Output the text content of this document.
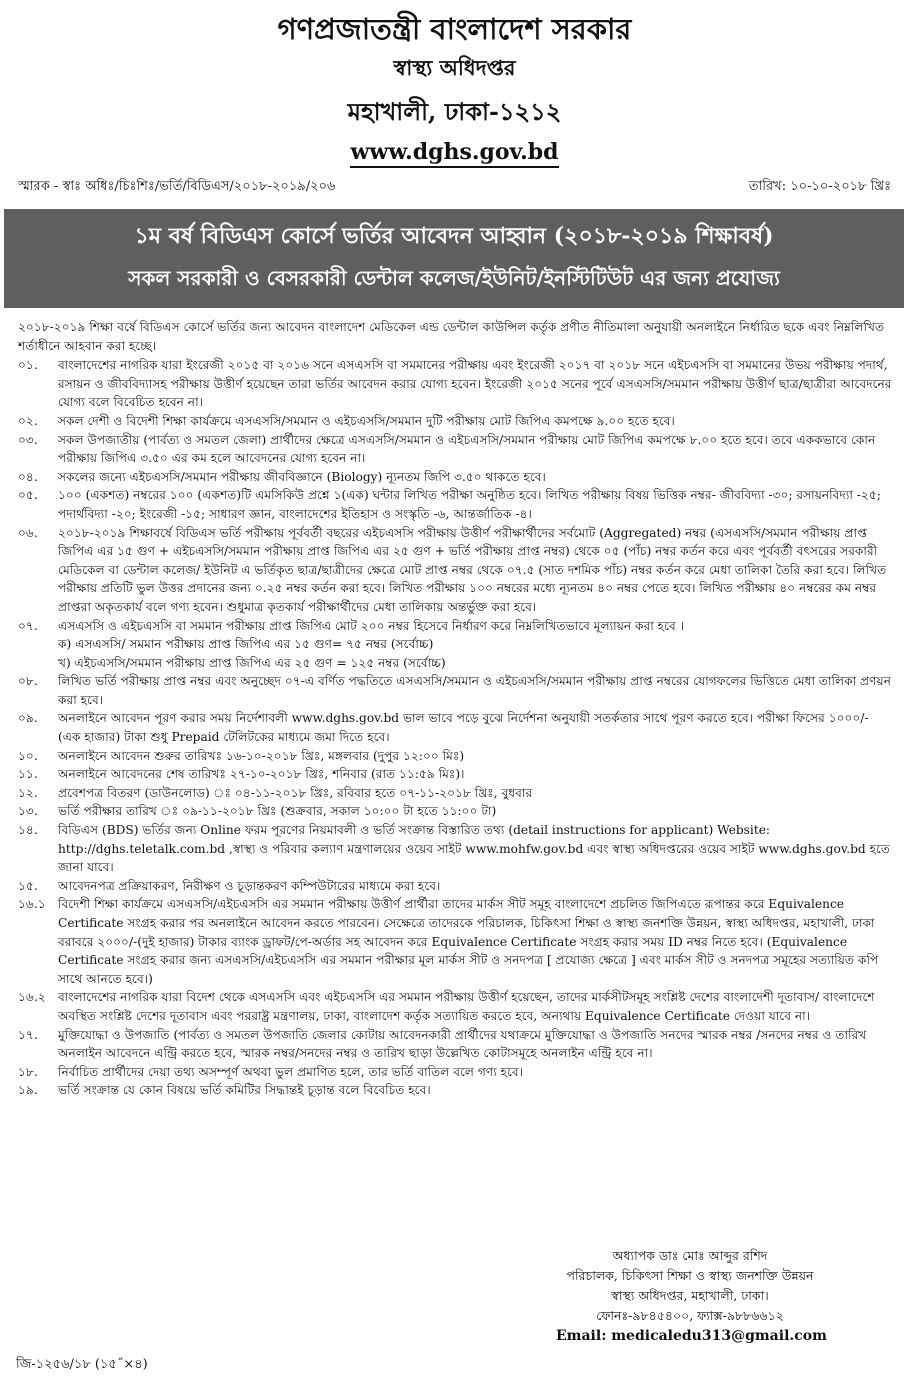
গণপ্রজাতন্ত্রী বাংলাদেশ সরকার
স্বাস্থ্য অধিদপ্তর
মহাখালী, ঢাকা-১২১২
www.dghs.gov.bd
স্মারক - স্বাঃ অধিঃ/চিঃশিঃ/ভর্তি/বিডিএস/২০১৮-২০১৯/২০৬	তারিখ: ১০-১০-২০১৮ খ্রিঃ
১ম বর্ষ বিডিএস কোর্সে ভর্তির আবেদন আহ্বান (২০১৮-২০১৯ শিক্ষাবর্ষ)
সকল সরকারী ও বেসরকারী ডেন্টাল কলেজ/ইউনিট/ইনস্টিটিউট এর জন্য প্রযোজ্য
২০১৮-২০১৯ শিক্ষা বর্ষে বিডিএস কোর্সে ভর্তির জন্য আবেদন বাংলাদেশ মেডিকেল এন্ড ডেন্টাল কাউন্সিল কর্তৃক প্রণীত নীতিমালা অনুযায়ী অনলাইনে নির্ধারিত ছকে এবং নিম্নলিখিত শর্তাধীনে আহবান করা হচ্ছে।
০১.	বাংলাদেশের নাগরিক যারা ইংরেজী ২০১৫ বা ২০১৬ সনে এসএসসি বা সমমানের পরীক্ষায় এবং ইংরেজী ২০১৭ বা ২০১৮ সনে এইচএসসি বা সমমানের উভয় পরীক্ষায় পদার্থ, রসায়ন ও জীববিদ্যাসহ পরীক্ষায় উত্তীর্ণ হয়েছেন তারা ভর্তির আবেদন করার যোগ্য হবেন। ইংরেজী ২০১৫ সনের পূর্বে এসএসসি/সমমান পরীক্ষায় উত্তীর্ণ ছাত্র/ছাত্রীরা আবেদনের যোগ্য বলে বিবেচিত হবেন না।
০২.	সকল দেশী ও বিদেশী শিক্ষা কার্যক্রমে এসএসসি/সমমান ও এইচএসসি/সমমান দুটি পরীক্ষায় মোট জিপিএ কমপক্ষে ৯.০০ হতে হবে।
০৩.	সকল উপজাতীয় (পার্বত্য ও সমতল জেলা) প্রার্থীদের ক্ষেত্রে এসএসসি/সমমান ও এইচএসসি/সমমান পরীক্ষায় মোট জিপিএ কমপক্ষে ৮.০০ হতে হবে। তবে এককভাবে কোন পরীক্ষায় জিপিএ ৩.৫০ এর কম হলে আবেদনের যোগ্য হবেন না।
০৪.	সকলের জন্যে এইচএসসি/সমমান পরীক্ষায় জীববিজ্ঞানে (Biology) ন্যূনতম জিপি ৩.৫০ থাকতে হবে।
০৫.	১০০ (একশত) নম্বরের ১০০ (একশত)টি এমসিকিউ প্রশ্নে ১(এক) ঘন্টার লিখিত পরীক্ষা অনুষ্ঠিত হবে। লিখিত পরীক্ষায় বিষয় ভিত্তিক নম্বর- জীববিদ্যা -৩০; রসায়নবিদ্যা -২৫; পদার্থবিদ্যা -২০; ইংরেজী -১৫; সাধারণ জ্ঞান, বাংলাদেশের ইতিহাস ও সংস্কৃতি -৬, আন্তর্জাতিক -৪।
০৬.	২০১৮-২০১৯ শিক্ষাবর্ষে বিডিএস ভর্তি পরীক্ষায় পূর্ববর্তী বছরের এইচএসসি পরীক্ষায় উত্তীর্ণ পরীক্ষার্থীদের সর্বমোট (Aggregated) নম্বর (এসএসসি/সমমান পরীক্ষায় প্রাপ্ত জিপিএ এর ১৫ গুণ + এইচএসসি/সমমান পরীক্ষায় প্রাপ্ত জিপিএ এর ২৫ গুণ + ভর্তি পরীক্ষায় প্রাপ্ত নম্বর) থেকে ০৫ (পাঁচ) নম্বর কর্তন করে এবং পূর্ববর্তী বৎসরের সরকারী মেডিকেল বা ডেন্টাল কলেজ/ ইউনিট এ ভর্তিকৃত ছাত্র/ছাত্রীদের ক্ষেত্রে মোট প্রাপ্ত নম্বর থেকে ০৭.৫ (সাত দশমিক পাঁচ) নম্বর কর্তন করে মেধা তালিকা তৈরি করা হবে। লিখিত পরীক্ষায় প্রতিটি ভুল উত্তর প্রদানের জন্য ০.২৫ নম্বর কর্তন করা হবে। লিখিত পরীক্ষায় ১০০ নম্বরের মধ্যে ন্যূনতম ৪০ নম্বর পেতে হবে। লিখিত পরীক্ষায় ৪০ নম্বরের কম নম্বর প্রাপ্তরা অকৃতকার্য বলে গণ্য হবেন। শুধুমাত্র কৃতকার্য পরীক্ষার্থীদের মেধা তালিকায় অন্তর্ভুক্ত করা হবে।
০৭.	এসএসসি ও এইচএসসি বা সমমান পরীক্ষায় প্রাপ্ত জিপিএ মোট ২০০ নম্বর হিসেবে নির্ধারণ করে নিম্নলিখিতভাবে মূল্যায়ন করা হবে ।
ক) এসএসসি/ সমমান পরীক্ষায় প্রাপ্ত জিপিএ এর ১৫ গুণ= ৭৫ নম্বর (সর্বোচ্চ)
খ) এইচএসসি/সমমান পরীক্ষায় প্রাপ্ত জিপিএ এর ২৫ গুণ = ১২৫ নম্বর (সর্বোচ্চ)
০৮.	লিখিত ভর্তি পরীক্ষায় প্রাপ্ত নম্বর এবং অনুচ্ছেদ ০৭-এ বর্ণিত পদ্ধতিতে এসএসসি/সমমান ও এইচএসসি/সমমান পরীক্ষায় প্রাপ্ত নম্বরের যোগফলের ভিত্তিতে মেধা তালিকা প্রণয়ন করা হবে।
০৯.	অনলাইনে আবেদন পূরণ করার সময় নির্দেশাবলী www.dghs.gov.bd ভাল ভাবে পড়ে বুঝে নির্দেশনা অনুযায়ী সতর্কতার সাথে পূরণ করতে হবে। পরীক্ষা ফিসের ১০০০/- (এক হাজার) টাকা শুধু Prepaid টেলিটকের মাধ্যমে জমা দিতে হবে।
১০.	অনলাইনে আবেদন শুরুর তারিখঃ ১৬-১০-২০১৮ খ্রিঃ, মঙ্গলবার (দুপুর ১২:০০ মিঃ)
১১.	অনলাইনে আবেদনের শেষ তারিখঃ ২৭-১০-২০১৮ খ্রিঃ, শনিবার (রাত ১১:৫৯ মিঃ)।
১২.	প্রবেশপত্র বিতরণ (ডাউনলোড) ঃ ০৪-১১-২০১৮ খ্রিঃ, রবিবার হতে ০৭-১১-২০১৮ খ্রিঃ, বুধবার
১৩.	ভর্তি পরীক্ষার তারিখ ঃ ০৯-১১-২০১৮ খ্রিঃ (শুক্রবার, সকাল ১০:০০ টা হতে ১১:০০ টা)
১৪.	বিডিএস (BDS) ভর্তির জন্য Online ফরম পূরণের নিয়মাবলী ও ভর্তি সংক্রান্ত বিস্তারিত তথ্য (detail instructions for applicant) Website: http://dghs.teletalk.com.bd ,স্বাস্থ্য ও পরিবার কল্যাণ মন্ত্রণালয়ের ওয়েব সাইট www.mohfw.gov.bd এবং স্বাস্থ্য অধিদপ্তরের ওয়েব সাইট www.dghs.gov.bd হতে জানা যাবে।
১৫.	আবেদনপত্র প্রক্রিয়াকরণ, নিরীক্ষণ ও চূড়ান্তকরণ কম্পিউটারের মাধ্যমে করা হবে।
১৬.১	বিদেশী শিক্ষা কার্যক্রমে এসএসসি/এইচএসসি এর সমমান পরীক্ষায় উত্তীর্ণ প্রার্থীরা তাদের মার্কস সীট সমূহ বাংলাদেশে প্রচলিত জিপিএতে রূপান্তর করে Equivalence Certificate সংগ্রহ করার পর অনলাইনে আবেদন করতে পারবেন। সেক্ষেত্রে তাদেরকে পরিচালক, চিকিৎসা শিক্ষা ও স্বাস্থ্য জনশক্তি উন্নয়ন, স্বাস্থ্য অধিদপ্তর, মহাখালী, ঢাকা বরাবরে ২০০০/-(দুই হাজার) টাকার ব্যাংক ড্রাফট/পে-অর্ডার সহ আবেদন করে Equivalence Certificate সংগ্রহ করার সময় ID নম্বর নিতে হবে। (Equivalence Certificate সংগ্রহ করার জন্য এসএসসি/এইচএসসি এর সমমান পরীক্ষার মূল মার্কস সীট ও সনদপত্র [ প্রযোজ্য ক্ষেত্রে ] এবং মার্কস সীট ও সনদপত্র সমূহের সত্যায়িত কপি সাথে আনতে হবে।)
১৬.২	বাংলাদেশের নাগরিক যারা বিদেশ থেকে এসএসসি এবং এইচএসসি এর সমমান পরীক্ষায় উত্তীর্ণ হয়েছেন, তাদের মার্কসীটসমূহ সংশ্লিষ্ট দেশের বাংলাদেশী দূতাবাস/ বাংলাদেশে অবস্থিত সংশ্লিষ্ট দেশের দূতাবাস এবং পররাষ্ট্র মন্ত্রণালয়, ঢাকা, বাংলাদেশ কর্তৃক সত্যায়িত করতে হবে, অন্যথায় Equivalence Certificate দেওয়া যাবে না।
১৭.	মুক্তিযোদ্ধা ও উপজাতি (পার্বত্য ও সমতল উপজাতি জেলার কোটায় আবেদনকারী প্রার্থীদের যথাক্রমে মুক্তিযোদ্ধা ও উপজাতি সনদের স্মারক নম্বর /সনদের নম্বর ও তারিখ অনলাইন আবেদনে এন্ট্রি করতে হবে, স্মারক নম্বর/সনদের নম্বর ও তারিখ ছাড়া উল্লেখিত কোটাসমূহে অনলাইন এন্ট্রি হবে না।
১৮.	নির্বাচিত প্রার্থীদের দেয়া তথ্য অসম্পূর্ণ অথবা ভুল প্রমাণিত হলে, তার ভর্তি বাতিল বলে গণ্য হবে।
১৯.	ভর্তি সংক্রান্ত যে কোন বিষয়ে ভর্তি কমিটির সিদ্ধান্তই চূড়ান্ত বলে বিবেচিত হবে।
অধ্যাপক ডাঃ মোঃ আব্দুর রশিদ
পরিচালক, চিকিৎসা শিক্ষা ও স্বাস্থ্য জনশক্তি উন্নয়ন
স্বাস্থ্য অধিদপ্তর, মহাখালী, ঢাকা।
ফোনঃ-৯৮৪৫৪০০, ফ্যাক্স-৯৮৮৬৬১২
Email: medicaledu313@gmail.com
জি-১২৫৬/১৮ (১৫˝×৪)
